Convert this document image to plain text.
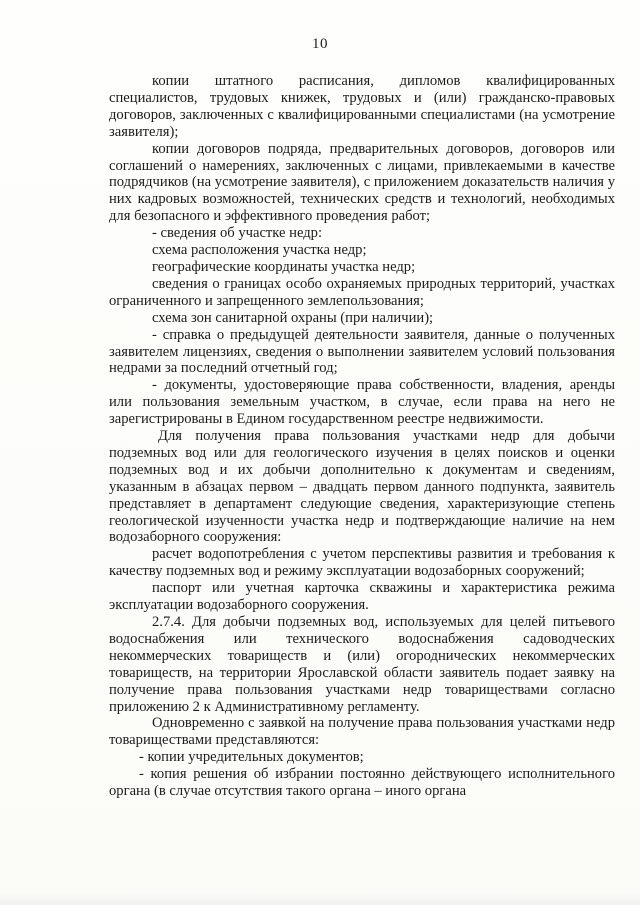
10

копии штатного расписания, дипломов квалифицированных специалистов, трудовых книжек, трудовых и (или) гражданско-правовых договоров, заключенных с квалифицированными специалистами (на усмотрение заявителя);

копии договоров подряда, предварительных договоров, договоров или соглашений о намерениях, заключенных с лицами, привлекаемыми в качестве подрядчиков (на усмотрение заявителя), с приложением доказательств наличия у них кадровых возможностей, технических средств и технологий, необходимых для безопасного и эффективного проведения работ;

- сведения об участке недр:

схема расположения участка недр;

географические координаты участка недр;

сведения о границах особо охраняемых природных территорий, участках ограниченного и запрещенного землепользования;

схема зон санитарной охраны (при наличии);

- справка о предыдущей деятельности заявителя, данные о полученных заявителем лицензиях, сведения о выполнении заявителем условий пользования недрами за последний отчетный год;

- документы, удостоверяющие права собственности, владения, аренды или пользования земельным участком, в случае, если права на него не зарегистрированы в Едином государственном реестре недвижимости.

Для получения права пользования участками недр для добычи подземных вод или для геологического изучения в целях поисков и оценки подземных вод и их добычи дополнительно к документам и сведениям, указанным в абзацах первом – двадцать первом данного подпункта, заявитель представляет в департамент следующие сведения, характеризующие степень геологической изученности участка недр и подтверждающие наличие на нем водозаборного сооружения:

расчет водопотребления с учетом перспективы развития и требования к качеству подземных вод и режиму эксплуатации водозаборных сооружений;

паспорт или учетная карточка скважины и характеристика режима эксплуатации водозаборного сооружения.

2.7.4. Для добычи подземных вод, используемых для целей питьевого водоснабжения или технического водоснабжения садоводческих некоммерческих товариществ и (или) огороднических некоммерческих товариществ, на территории Ярославской области заявитель подает заявку на получение права пользования участками недр товариществами согласно приложению 2 к Административному регламенту.

Одновременно с заявкой на получение права пользования участками недр товариществами представляются:

- копии учредительных документов;

- копия решения об избрании постоянно действующего исполнительного органа (в случае отсутствия такого органа – иного органа
